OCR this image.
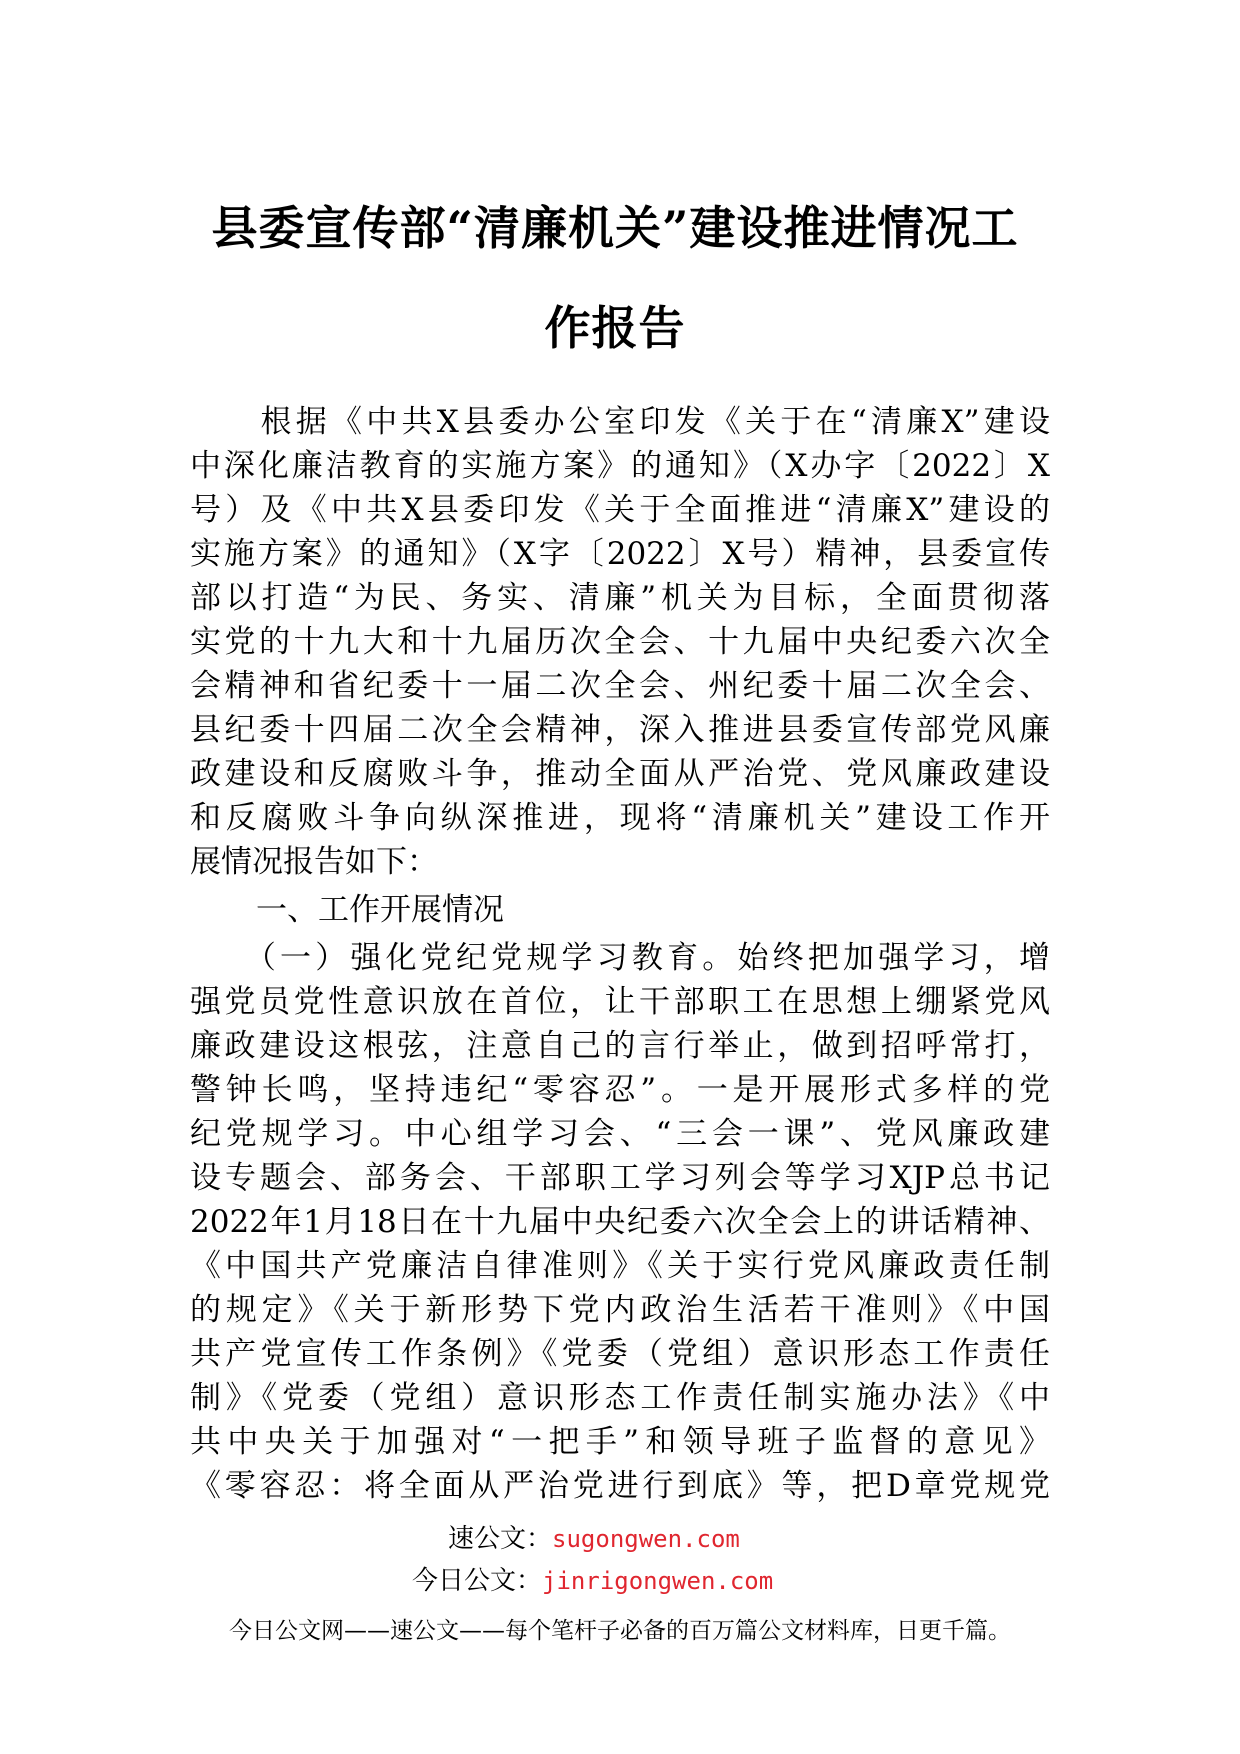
县委宣传部“清廉机关”建设推进情况工
作报告
　　根据《中共X县委办公室印发《关于在“清廉X”建设
中深化廉洁教育的实施方案》的通知》（X办字〔2022〕X
号）及《中共X县委印发《关于全面推进“清廉X”建设的
实施方案》的通知》（X字〔2022〕X号）精神，县委宣传
部以打造“为民、务实、清廉”机关为目标，全面贯彻落
实党的十九大和十九届历次全会、十九届中央纪委六次全
会精神和省纪委十一届二次全会、州纪委十届二次全会、
县纪委十四届二次全会精神，深入推进县委宣传部党风廉
政建设和反腐败斗争，推动全面从严治党、党风廉政建设
和反腐败斗争向纵深推进，现将“清廉机关”建设工作开
展情况报告如下：
一、工作开展情况
　　（一）强化党纪党规学习教育。始终把加强学习，增
强党员党性意识放在首位，让干部职工在思想上绷紧党风
廉政建设这根弦，注意自己的言行举止，做到招呼常打，
警钟长鸣，坚持违纪“零容忍”。一是开展形式多样的党
纪党规学习。中心组学习会、“三会一课”、党风廉政建
设专题会、部务会、干部职工学习列会等学习XJP总书记
2022年1月18日在十九届中央纪委六次全会上的讲话精神、
《中国共产党廉洁自律准则》《关于实行党风廉政责任制
的规定》《关于新形势下党内政治生活若干准则》《中国
共产党宣传工作条例》《党委（党组）意识形态工作责任
制》《党委（党组）意识形态工作责任制实施办法》《中
共中央关于加强对“一把手”和领导班子监督的意见》
《零容忍：将全面从严治党进行到底》等，把D章党规党
速公文：sugongwen.com
今日公文：jinrigongwen.com
今日公文网——速公文——每个笔杆子必备的百万篇公文材料库，日更千篇。
